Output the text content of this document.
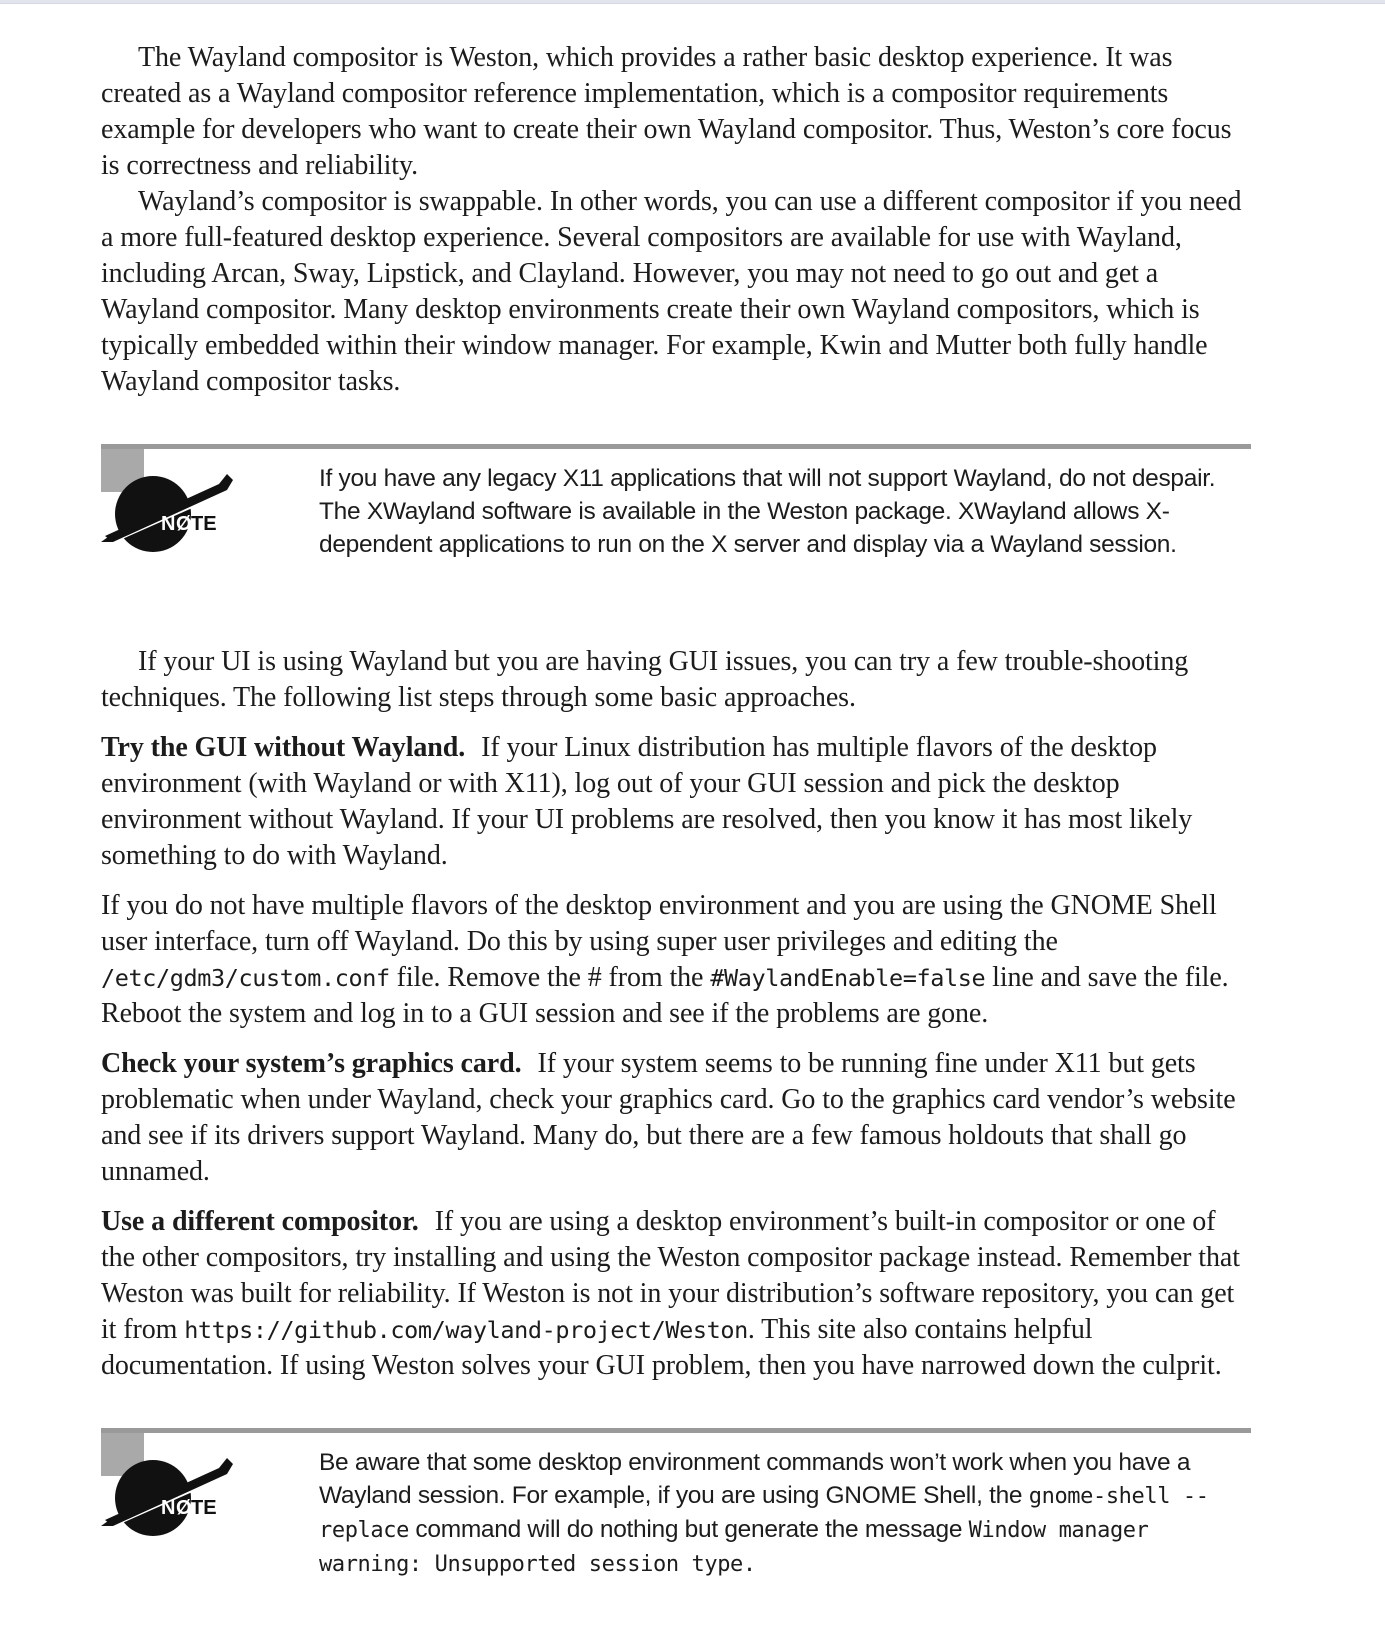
The Wayland compositor is Weston, which provides a rather basic desktop experience. It was created as a Wayland compositor reference implementation, which is a compositor requirements example for developers who want to create their own Wayland compositor. Thus, Weston’s core focus is correctness and reliability.

Wayland’s compositor is swappable. In other words, you can use a different compositor if you need a more full-featured desktop experience. Several compositors are available for use with Wayland, including Arcan, Sway, Lipstick, and Clayland. However, you may not need to go out and get a Wayland compositor. Many desktop environments create their own Wayland compositors, which is typically embedded within their window manager. For example, Kwin and Mutter both fully handle Wayland compositor tasks.

N Ø TE
If you have any legacy X11 applications that will not support Wayland, do not despair. The XWayland software is available in the Weston package. XWayland allows X-dependent applications to run on the X server and display via a Wayland session.

If your UI is using Wayland but you are having GUI issues, you can try a few trouble-shooting techniques. The following list steps through some basic approaches.

Try the GUI without Wayland. If your Linux distribution has multiple flavors of the desktop environment (with Wayland or with X11), log out of your GUI session and pick the desktop environment without Wayland. If your UI problems are resolved, then you know it has most likely something to do with Wayland.

If you do not have multiple flavors of the desktop environment and you are using the GNOME Shell user interface, turn off Wayland. Do this by using super user privileges and editing the /etc/gdm3/custom.conf file. Remove the # from the #WaylandEnable=false line and save the file. Reboot the system and log in to a GUI session and see if the problems are gone.

Check your system’s graphics card. If your system seems to be running fine under X11 but gets problematic when under Wayland, check your graphics card. Go to the graphics card vendor’s website and see if its drivers support Wayland. Many do, but there are a few famous holdouts that shall go unnamed.

Use a different compositor. If you are using a desktop environment’s built-in compositor or one of the other compositors, try installing and using the Weston compositor package instead. Remember that Weston was built for reliability. If Weston is not in your distribution’s software repository, you can get it from https://github.com/wayland-project/Weston. This site also contains helpful documentation. If using Weston solves your GUI problem, then you have narrowed down the culprit.

N Ø TE
Be aware that some desktop environment commands won’t work when you have a Wayland session. For example, if you are using GNOME Shell, the gnome-shell --replace command will do nothing but generate the message Window manager warning: Unsupported session type.
